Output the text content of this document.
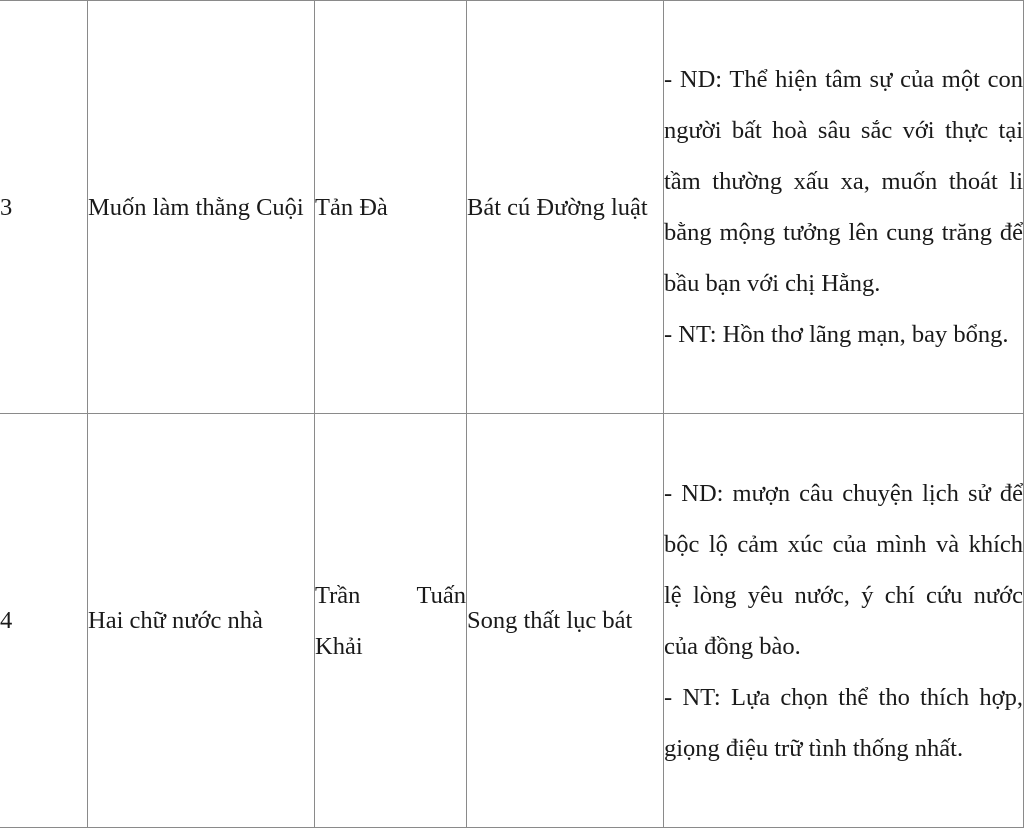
3	Muốn làm thằng Cuội	Tản Đà	Bát cú Đường luật	- ND: Thể hiện tâm sự của một con người bất hoà sâu sắc với thực tại tầm thường xấu xa, muốn thoát li bằng mộng tưởng lên cung trăng để bầu bạn với chị Hằng.
- NT: Hồn thơ lãng mạn, bay bổng.

4	Hai chữ nước nhà	Trần Tuấn Khải	Song thất lục bát	- ND: mượn câu chuyện lịch sử để bộc lộ cảm xúc của mình và khích lệ lòng yêu nước, ý chí cứu nước của đồng bào.
- NT: Lựa chọn thể tho thích hợp, giọng điệu trữ tình thống nhất.
